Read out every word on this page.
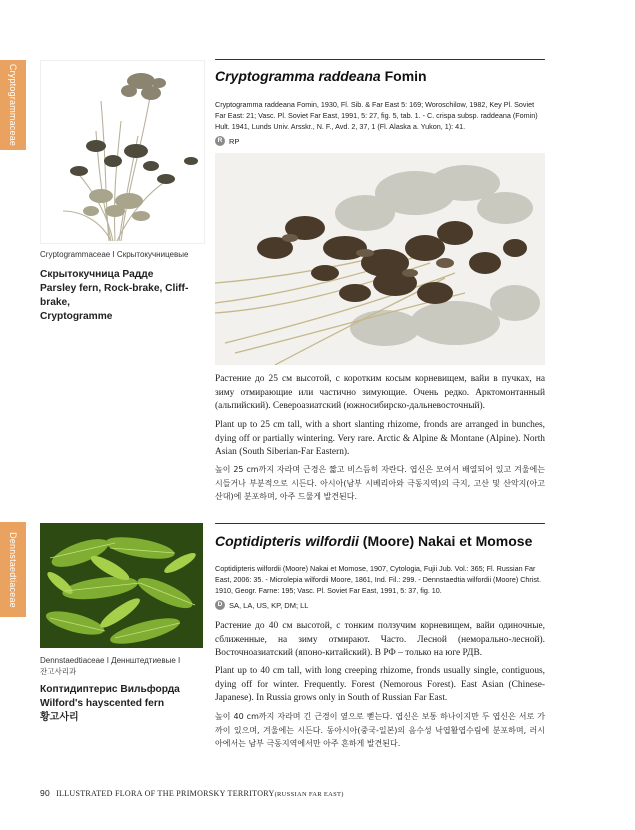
Cryptogrammaceae
Cryptogrammaceae Ι Скрытокучницевые
Скрытокучница Радде
Parsley fern, Rock-brake, Cliff-brake,
Cryptogramme
Cryptogramma raddeana Fomin
Cryptogramma raddeana Fomin, 1930, Fl. Sib. & Far East 5: 169; Woroschilow, 1982, Key Pl. Soviet Far East: 21; Vasc. Pl. Soviet Far East, 1991, 5: 27, fig. 5, tab. 1. - C. crispa subsp. raddeana (Fomin) Hult. 1941, Lunds Univ. Arsskr., N. F., Avd. 2, 37, 1 (Fl. Alaska a. Yukon, 1): 41.
R RP
Растение до 25 см высотой, с коротким косым корневищем, вайи в пучках, на зиму отмирающие или частично зимующие. Очень редко. Арктомонтанный (альпийский). Североазиатский (южносибирско-дальневосточный).
Plant up to 25 cm tall, with a short slanting rhizome, fronds are arranged in bunches, dying off or partially wintering. Very rare. Arctic & Alpine & Montane (Alpine). North Asian (South Siberian-Far Eastern).
높이 25 cm까지 자라며 근경은 짧고 비스듬히 자란다. 엽신은 모여서 배열되어 있고 겨울에는 시들거나 부분적으로 시든다. 아시아(남부 시베리아와 극동지역)의 극지, 고산 및 산악지(아고산대)에 분포하며, 아주 드물게 발견된다.
Dennstaedtiaceae
Dennstaedtiaceae Ι Деннштедтиевые Ι
잔고사리과
Коптидиптерис Вильфорда
Wilford's hayscented fern
황고사리
Coptidipteris wilfordii (Moore) Nakai et Momose
Coptidipteris wilfordii (Moore) Nakai et Momose, 1907, Cytologia, Fujii Jub. Vol.: 365; Fl. Russian Far East, 2006: 35. - Microlepia wilfordii Moore, 1861, Ind. Fil.: 299. - Dennstaedtia wilfordii (Moore) Christ. 1910, Geogr. Farne: 195; Vasc. Pl. Soviet Far East, 1991, 5: 37, fig. 10.
D SA, LA, US, KP, DM; LL
Растение до 40 см высотой, с тонким ползучим корневищем, вайи одиночные, сближенные, на зиму отмирают. Часто. Лесной (неморально-лесной). Восточноазиатский (японо-китайский). В РФ – только на юге РДВ.
Plant up to 40 cm tall, with long creeping rhizome, fronds usually single, contiguous, dying off for winter. Frequently. Forest (Nemorous Forest). East Asian (Chinese-Japanese). In Russia grows only in South of Russian Far East.
높이 40 cm까지 자라며 긴 근경이 옆으로 뻗는다. 엽신은 보통 하나이지만 두 엽신은 서로 가까이 있으며, 겨울에는 시든다. 동아시아(중국-일본)의 음수성 낙엽활엽수림에 분포하며, 러시아에서는 남부 극동지역에서만 아주 흔하게 발견된다.
90 ILLUSTRATED FLORA OF THE PRIMORSKY TERRITORY(RUSSIAN FAR EAST)
